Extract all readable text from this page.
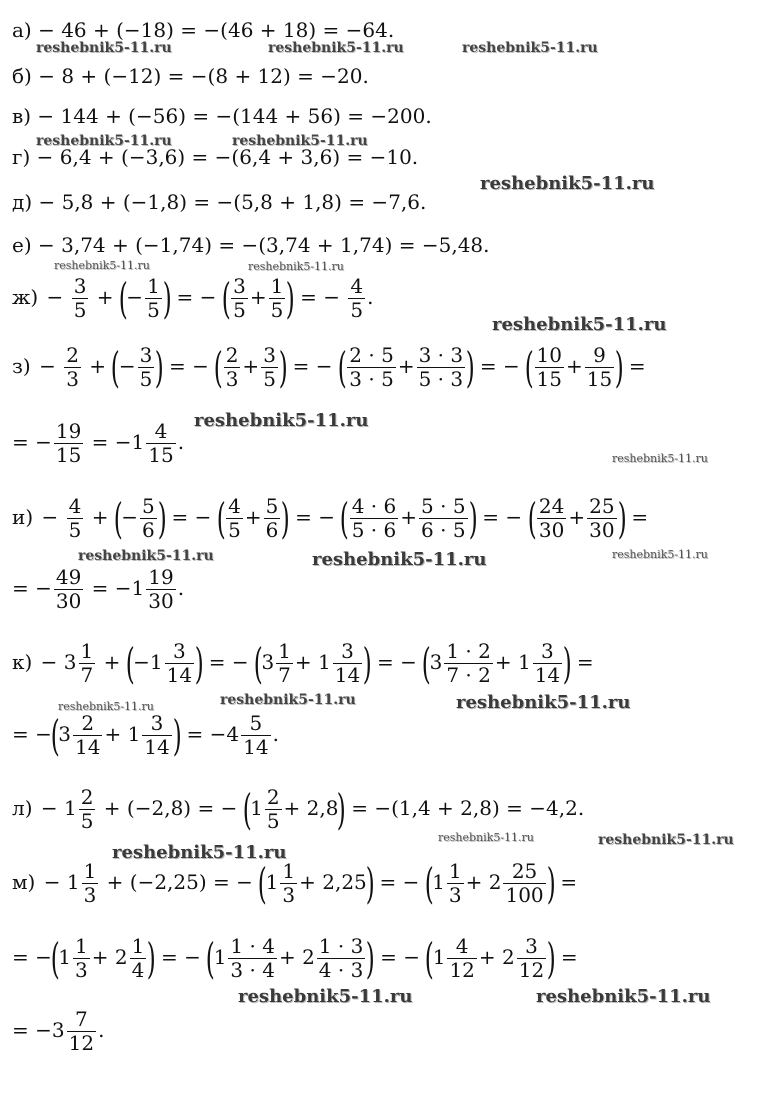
а) − 46 + (−18) = −(46 + 18) = −64.
б) − 8 + (−12) = −(8 + 12) = −20.
в) − 144 + (−56) = −(144 + 56) = −200.
г) − 6,4 + (−3,6) = −(6,4 + 3,6) = −10.
д) − 5,8 + (−1,8) = −(5,8 + 1,8) = −7,6.
е) − 3,74 + (−1,74) = −(3,74 + 1,74) = −5,48.
$ж) - \frac{3}{5}$ + (− $\frac{1}{5}$ ) = − ( $\frac{3}{5} + \frac{1}{5}$ ) = − $\frac{4}{5}$ .
$з) - \frac{2}{3}$ + (− $\frac{3}{5}$ ) = − ( $\frac{2}{3} + \frac{3}{5}$ ) = − ( $\frac{2 \cdot 5}{3 \cdot 5} + \frac{3 \cdot 3}{5 \cdot 3}$ ) = − ( $\frac{10}{15} + \frac{9}{15}$ ) =
= − $\frac{19}{15} = -1 \frac{4}{15}$ .
$и) - \frac{4}{5}$ + (− $\frac{5}{6}$ ) = − ( $\frac{4}{5} + \frac{5}{6}$ ) = − ( $\frac{4 \cdot 6}{5 \cdot 6} + \frac{5 \cdot 5}{6 \cdot 5}$ ) = − ( $\frac{24}{30} + \frac{25}{30}$ ) =
= − $\frac{49}{30} = -1 \frac{19}{30}$ .
$к) - 3 \frac{1}{7} + (-1 \frac{3}{14}$ ) = − ($3 \frac{1}{7} + 1 \frac{3}{14}$ ) = − ($3 \frac{1 \cdot 2}{7 \cdot 2} + 1 \frac{3}{14}$ ) =
= $-(3 \frac{2}{14} + 1 \frac{3}{14}$ ) = $-4 \frac{5}{14}$ .
$л) - 1 \frac{2}{5} + (-2,8)$ = − $(1 \frac{2}{5} + 2,8) = -(1,4 + 2,8) = -4,2$.
$м) - 1 \frac{1}{3} + (-2,25)$ = − $(1 \frac{1}{3} + 2,25)$ = − ($1 \frac{1}{3} + 2 \frac{25}{100}$ ) =
= $-(1 \frac{1}{3} + 2 \frac{1}{4}$ ) = − ($1 \frac{1 \cdot 4}{3 \cdot 4} + 2 \frac{1 \cdot 3}{4 \cdot 3}$ ) = − ($1 \frac{4}{12} + 2 \frac{3}{12}$ ) =
= $-3 \frac{7}{12}$ .
reshebnik5-11.ru	reshebnik5-11.ru	reshebnik5-11.ru
reshebnik5-11.ru	reshebnik5-11.ru
reshebnik5-11.ru
reshebnik5-11.ru	reshebnik5-11.ru
reshebnik5-11.ru
reshebnik5-11.ru
reshebnik5-11.ru
reshebnik5-11.ru	reshebnik5-11.ru	reshebnik5-11.ru
reshebnik5-11.ru	reshebnik5-11.ru	reshebnik5-11.ru
reshebnik5-11.ru	reshebnik5-11.ru
reshebnik5-11.ru
reshebnik5-11.ru	reshebnik5-11.ru
